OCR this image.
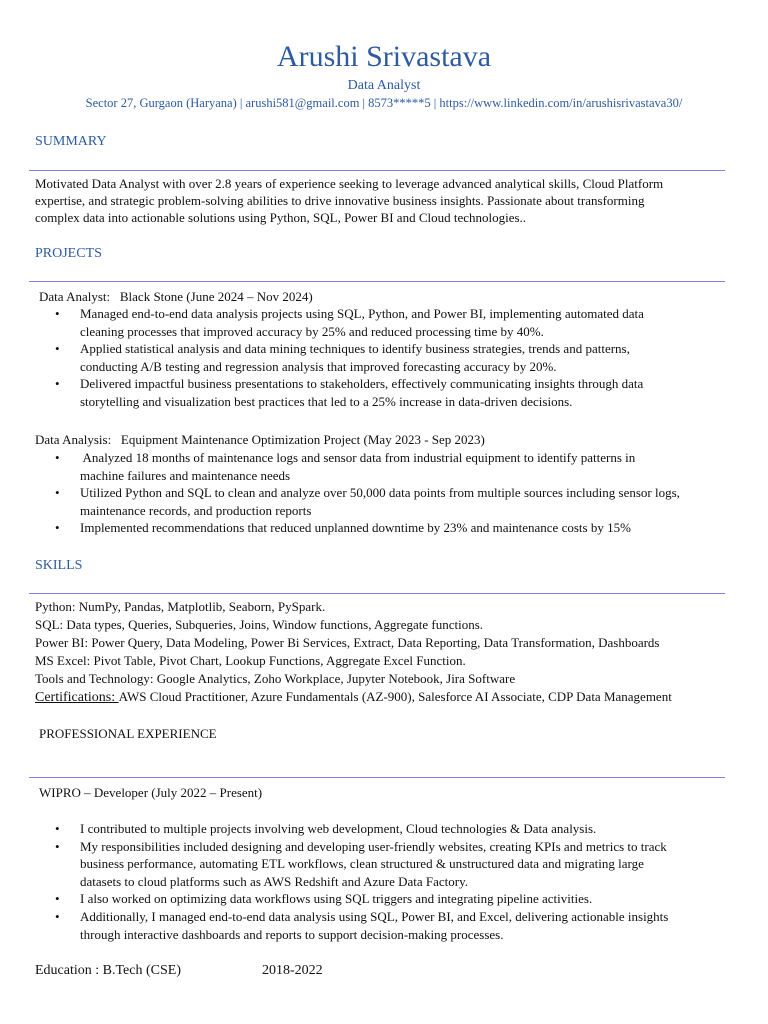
Arushi Srivastava
Data Analyst
Sector 27, Gurgaon (Haryana) | arushi581@gmail.com | 8573*****5 | https://www.linkedin.com/in/arushisrivastava30/
SUMMARY
Motivated Data Analyst with over 2.8 years of experience seeking to leverage advanced analytical skills, Cloud Platform
expertise, and strategic problem-solving abilities to drive innovative business insights. Passionate about transforming
complex data into actionable solutions using Python, SQL, Power BI and Cloud technologies..
PROJECTS
Data Analyst:   Black Stone (June 2024 – Nov 2024)
• Managed end-to-end data analysis projects using SQL, Python, and Power BI, implementing automated data
cleaning processes that improved accuracy by 25% and reduced processing time by 40%.
• Applied statistical analysis and data mining techniques to identify business strategies, trends and patterns,
conducting A/B testing and regression analysis that improved forecasting accuracy by 20%.
• Delivered impactful business presentations to stakeholders, effectively communicating insights through data
storytelling and visualization best practices that led to a 25% increase in data-driven decisions.
Data Analysis:   Equipment Maintenance Optimization Project (May 2023 - Sep 2023)
•  Analyzed 18 months of maintenance logs and sensor data from industrial equipment to identify patterns in
machine failures and maintenance needs
• Utilized Python and SQL to clean and analyze over 50,000 data points from multiple sources including sensor logs,
maintenance records, and production reports
• Implemented recommendations that reduced unplanned downtime by 23% and maintenance costs by 15%
SKILLS
Python: NumPy, Pandas, Matplotlib, Seaborn, PySpark.
SQL: Data types, Queries, Subqueries, Joins, Window functions, Aggregate functions.
Power BI: Power Query, Data Modeling, Power Bi Services, Extract, Data Reporting, Data Transformation, Dashboards
MS Excel: Pivot Table, Pivot Chart, Lookup Functions, Aggregate Excel Function.
Tools and Technology: Google Analytics, Zoho Workplace, Jupyter Notebook, Jira Software
Certifications: AWS Cloud Practitioner, Azure Fundamentals (AZ-900), Salesforce AI Associate, CDP Data Management
PROFESSIONAL EXPERIENCE
WIPRO – Developer (July 2022 – Present)
• I contributed to multiple projects involving web development, Cloud technologies & Data analysis.
• My responsibilities included designing and developing user-friendly websites, creating KPIs and metrics to track
business performance, automating ETL workflows, clean structured & unstructured data and migrating large
datasets to cloud platforms such as AWS Redshift and Azure Data Factory.
• I also worked on optimizing data workflows using SQL triggers and integrating pipeline activities.
• Additionally, I managed end-to-end data analysis using SQL, Power BI, and Excel, delivering actionable insights
through interactive dashboards and reports to support decision-making processes.
Education : B.Tech (CSE)	2018-2022
